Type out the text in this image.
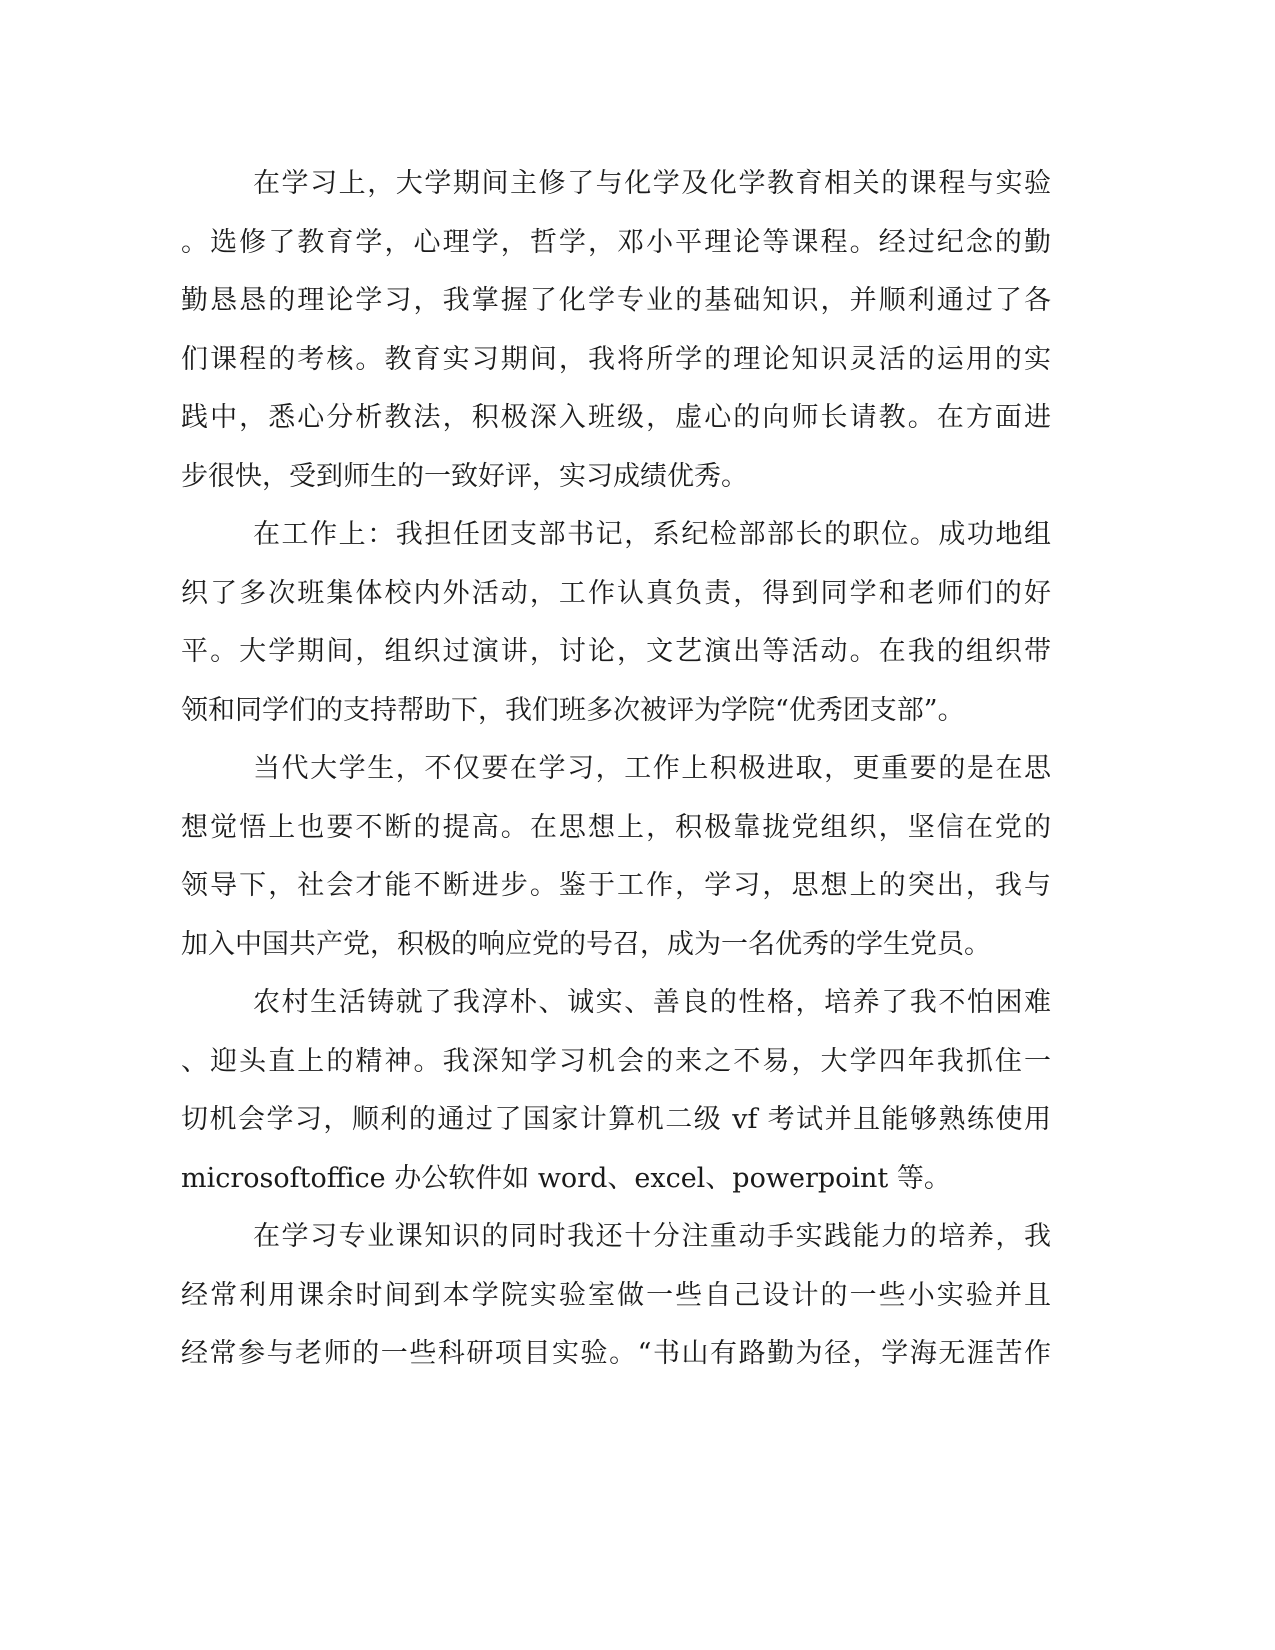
在学习上，大学期间主修了与化学及化学教育相关的课程与实验
。选修了教育学，心理学，哲学，邓小平理论等课程。经过纪念的勤
勤恳恳的理论学习，我掌握了化学专业的基础知识，并顺利通过了各
们课程的考核。教育实习期间，我将所学的理论知识灵活的运用的实
践中，悉心分析教法，积极深入班级，虚心的向师长请教。在方面进
步很快，受到师生的一致好评，实习成绩优秀。
在工作上：我担任团支部书记，系纪检部部长的职位。成功地组
织了多次班集体校内外活动，工作认真负责，得到同学和老师们的好
平。大学期间，组织过演讲，讨论，文艺演出等活动。在我的组织带
领和同学们的支持帮助下，我们班多次被评为学院“优秀团支部”。
当代大学生，不仅要在学习，工作上积极进取，更重要的是在思
想觉悟上也要不断的提高。在思想上，积极靠拢党组织，坚信在党的
领导下，社会才能不断进步。鉴于工作，学习，思想上的突出，我与
加入中国共产党，积极的响应党的号召，成为一名优秀的学生党员。
农村生活铸就了我淳朴、诚实、善良的性格，培养了我不怕困难
、迎头直上的精神。我深知学习机会的来之不易，大学四年我抓住一
切机会学习，顺利的通过了国家计算机二级 vf 考试并且能够熟练使用
microsoftoffice 办公软件如 word、excel、powerpoint 等。
在学习专业课知识的同时我还十分注重动手实践能力的培养，我
经常利用课余时间到本学院实验室做一些自己设计的一些小实验并且
经常参与老师的一些科研项目实验。“书山有路勤为径，学海无涯苦作
